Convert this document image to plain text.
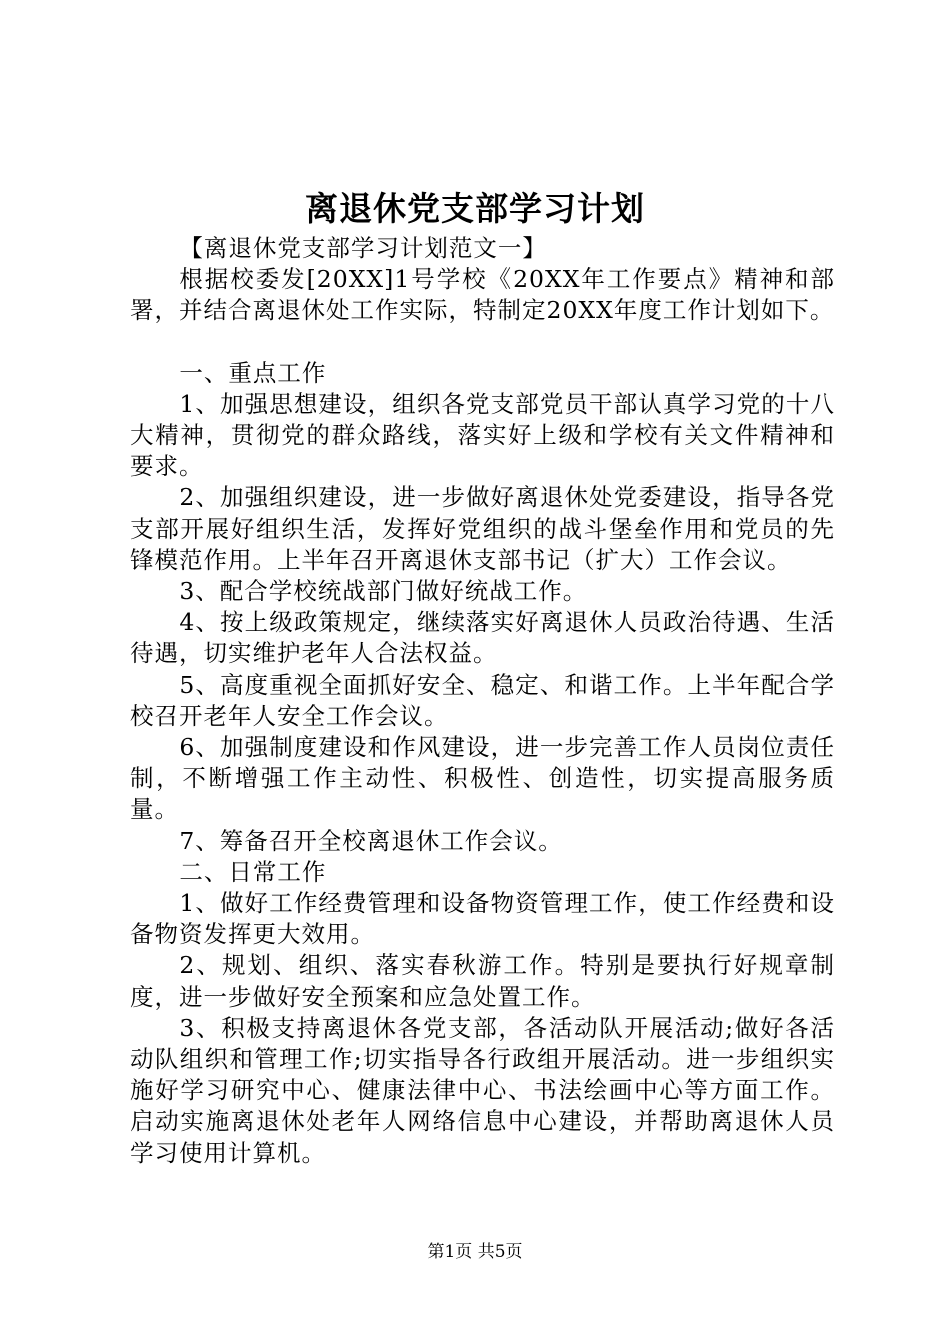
离退休党支部学习计划

【离退休党支部学习计划范文一】

根据校委发[20XX]1号学校《20XX年工作要点》精神和部署，并结合离退休处工作实际，特制定20XX年度工作计划如下。

一、重点工作

1、加强思想建设，组织各党支部党员干部认真学习党的十八大精神，贯彻党的群众路线，落实好上级和学校有关文件精神和要求。

2、加强组织建设，进一步做好离退休处党委建设，指导各党支部开展好组织生活，发挥好党组织的战斗堡垒作用和党员的先锋模范作用。上半年召开离退休支部书记（扩大）工作会议。

3、配合学校统战部门做好统战工作。

4、按上级政策规定，继续落实好离退休人员政治待遇、生活待遇，切实维护老年人合法权益。

5、高度重视全面抓好安全、稳定、和谐工作。上半年配合学校召开老年人安全工作会议。

6、加强制度建设和作风建设，进一步完善工作人员岗位责任制，不断增强工作主动性、积极性、创造性，切实提高服务质量。

7、筹备召开全校离退休工作会议。

二、日常工作

1、做好工作经费管理和设备物资管理工作，使工作经费和设备物资发挥更大效用。

2、规划、组织、落实春秋游工作。特别是要执行好规章制度，进一步做好安全预案和应急处置工作。

3、积极支持离退休各党支部，各活动队开展活动;做好各活动队组织和管理工作;切实指导各行政组开展活动。进一步组织实施好学习研究中心、健康法律中心、书法绘画中心等方面工作。启动实施离退休处老年人网络信息中心建设，并帮助离退休人员学习使用计算机。

第1页 共5页
